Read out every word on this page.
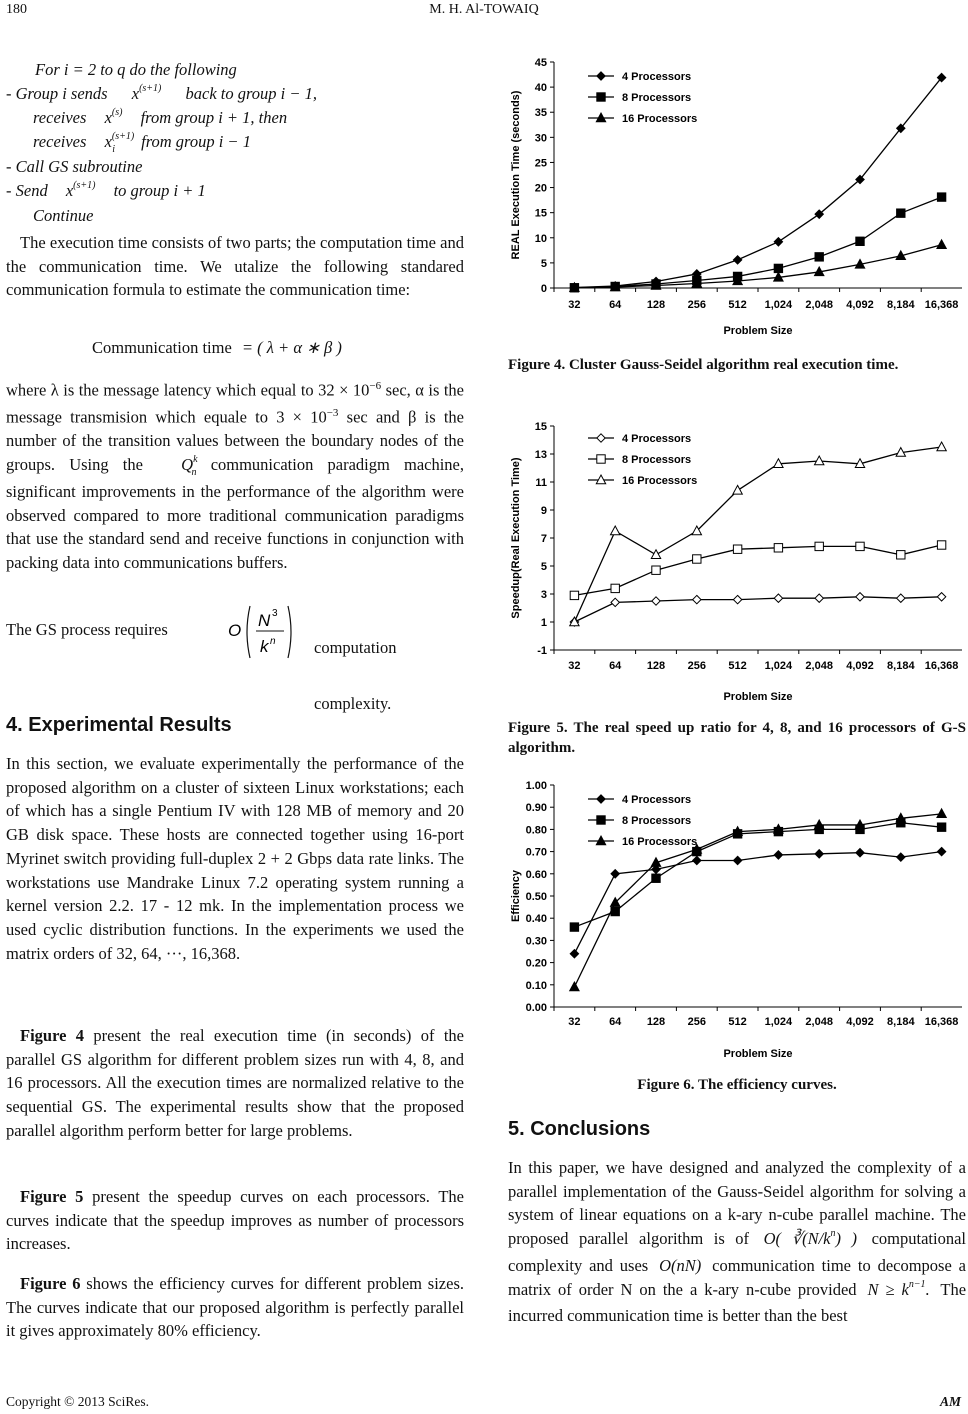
180	M. H. Al-TOWAIQ
For i = 2 to q do the following
- Group i sends $x^{(s+1)}$ back to group i − 1,
receives $x^{(s)}$ from group i + 1, then
receives $x^{(s+1)}_i$ from group i − 1
- Call GS subroutine
- Send $x^{(s+1)}$ to group i + 1
Continue

The execution time consists of two parts; the computation time and the communication time. We utalize the following standared communication formula to estimate the communication time:

Communication time = ( λ + α ∗ β )

where λ is the message latency which equal to $32 \times 10^{-6}$ sec, α is the message transmision which equale to $3 \times 10^{-3}$ sec and β is the number of the transition values between the boundary nodes of the groups. Using the $Q^k_n$ communication paradigm machine, significant improvements in the performance of the algorithm were observed compared to more traditional communication paradigms that use the standard send and receive functions in conjunction with packing data into communications buffers.

The GS process requires	O
N 3
k n	computation complexity.

4. Experimental Results

In this section, we evaluate experimentally the performance of the proposed algorithm on a cluster of sixteen Linux workstations; each of which has a single Pentium IV with 128 MB of memory and 20 GB disk space. These hosts are connected together using 16-port Myrinet switch providing full-duplex 2 + 2 Gbps data rate links. The workstations use Mandrake Linux 7.2 operating system running a kernel version 2.2. 17 - 12 mk. In the implementation process we used cyclic distribution functions. In the experiments we used the matrix orders of 32, 64, ···, 16,368.

Figure 4 present the real execution time (in seconds) of the parallel GS algorithm for different problem sizes run with 4, 8, and 16 processors. All the execution times are normalized relative to the sequential GS. The experimental results show that the proposed parallel algorithm perform better for large problems.

Figure 5 present the speedup curves on each processors. The curves indicate that the speedup improves as number of processors increases.

Figure 6 shows the efficiency curves for different problem sizes. The curves indicate that our proposed algorithm is perfectly parallel it gives approximately 80% efficiency.

0
5
10
15
20
25
30
35
40
45
32	64 128 256 512 1,024 2,048 4,092 8,184 16,368
Problem Size
REAL Execution Time (seconds)
4 Processors
8 Processors
16 Processors
Figure 4. Cluster Gauss-Seidel algorithm real execution time.
-1
1
3
5
7
9
11
13
15
32	64 128 256 512 1,024 2,048 4,092 8,184 16,368
Problem Size
Speedup(Real Execution Time)
4 Processors
8 Processors
16 Processors
Figure 5. The real speed up ratio for 4, 8, and 16 processors of G-S algorithm.
0.00
0.10
0.20
0.30
0.40
0.50
0.60
0.70
0.80
0.90
1.00
32	64 128 256 512 1,024 2,048 4,092 8,184 16,368
Problem Size
Efficiency
4 Processors
8 Processors
16 Processors
Figure 6. The efficiency curves.
5. Conclusions
In this paper, we have designed and analyzed the complexity of a parallel implementation of the Gauss-Seidel algorithm for solving a system of linear equations on a k-ary n-cube parallel machine. The proposed parallel algorithm is of O( $∛(N/k^n)$ ) computational complexity and uses O(nN) communication time to decompose a matrix of order N on the a k-ary n-cube provided $N \ge k^{n-1}$. The incurred communication time is better than the best
Copyright © 2013 SciRes.	AM
